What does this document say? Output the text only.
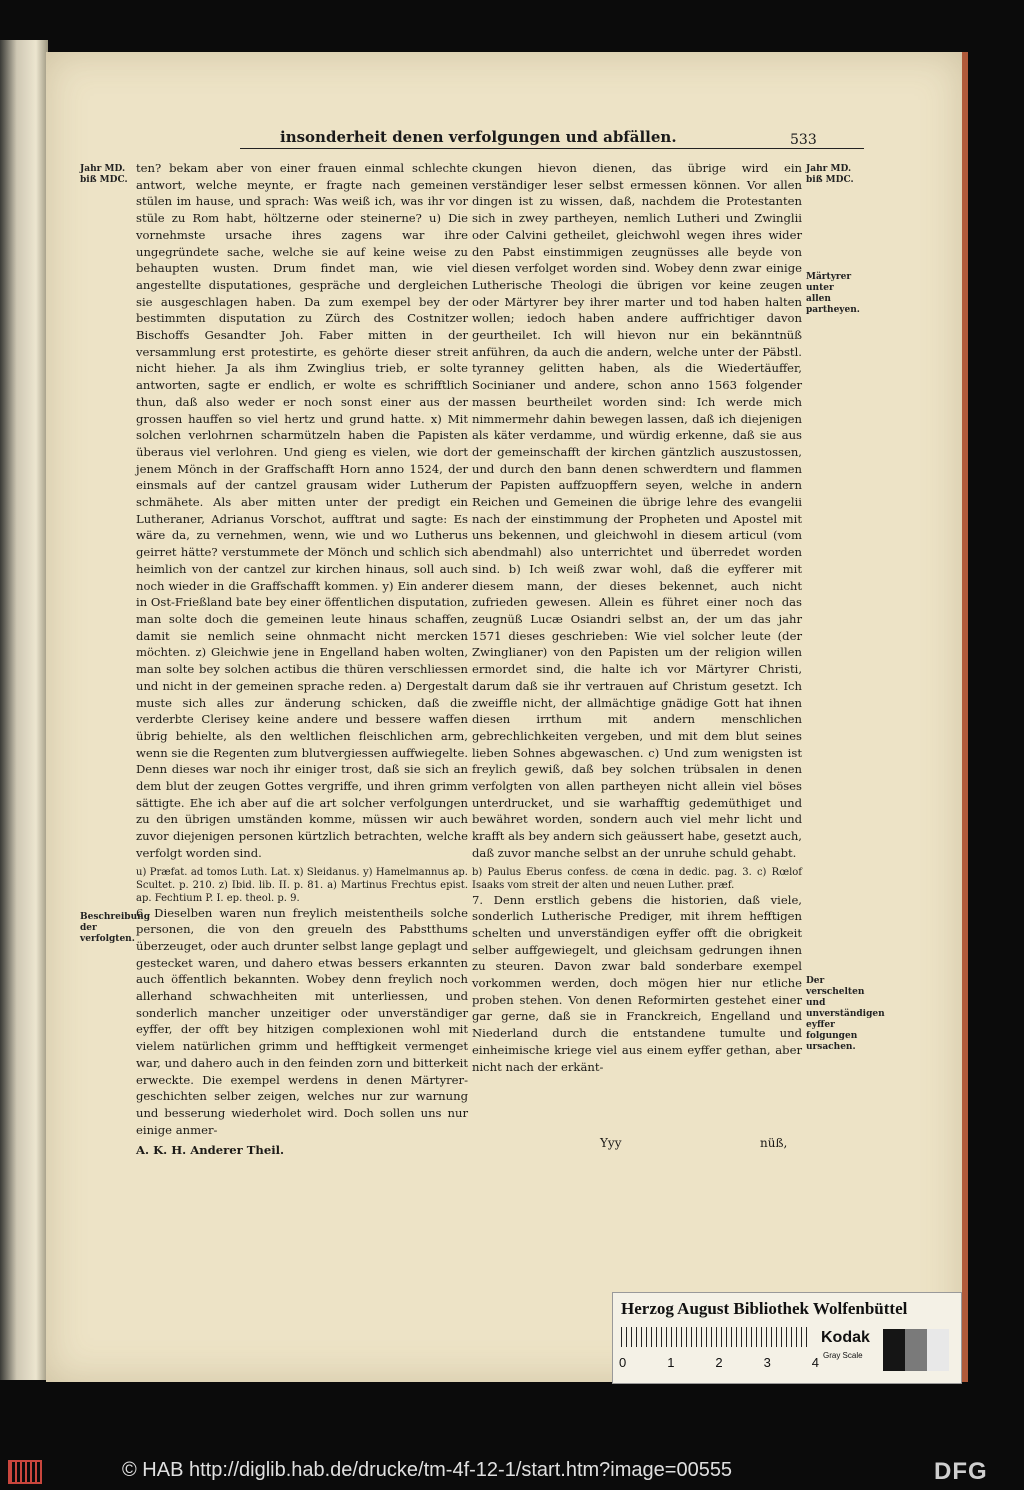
insonderheit denen verfolgungen und abfällen.	533
Jahr MD. biß MDC.
Jahr MD. biß MDC.
Märtyrer unter allen partheyen.
Beschreibung der verfolgten.
Der verschelten und unverständigen eyffer folgungen ursachen.

ten? bekam aber von einer frauen einmal schlechte antwort, welche meynte, er fragte nach gemeinen stülen im hause, und sprach: Was weiß ich, was ihr vor stüle zu Rom habt, höltzerne oder steinerne? u) Die vornehmste ursache ihres zagens war ihre ungegründete sache, welche sie auf keine weise zu behaupten wusten. Drum findet man, wie viel angestellte disputationes, gespräche und dergleichen sie ausgeschlagen haben. Da zum exempel bey der bestimmten disputation zu Zürch des Costnitzer Bischoffs Gesandter Joh. Faber mitten in der versammlung erst protestirte, es gehörte dieser streit nicht hieher. Ja als ihm Zwinglius trieb, er solte antworten, sagte er endlich, er wolte es schrifftlich thun, daß also weder er noch sonst einer aus der grossen hauffen so viel hertz und grund hatte. x) Mit solchen verlohrnen scharmützeln haben die Papisten überaus viel verlohren. Und gieng es vielen, wie dort jenem Mönch in der Graffschafft Horn anno 1524, der einsmals auf der cantzel grausam wider Lutherum schmähete. Als aber mitten unter der predigt ein Lutheraner, Adrianus Vorschot, aufftrat und sagte: Es wäre da, zu vernehmen, wenn, wie und wo Lutherus geirret hätte? verstummete der Mönch und schlich sich heimlich von der cantzel zur kirchen hinaus, soll auch noch wieder in die Graffschafft kommen. y) Ein anderer in Ost-Frießland bate bey einer öffentlichen disputation, man solte doch die gemeinen leute hinaus schaffen, damit sie nemlich seine ohnmacht nicht mercken möchten. z) Gleichwie jene in Engelland haben wolten, man solte bey solchen actibus die thüren verschliessen und nicht in der gemeinen sprache reden. a) Dergestalt muste sich alles zur änderung schicken, daß die verderbte Clerisey keine andere und bessere waffen übrig behielte, als den weltlichen fleischlichen arm, wenn sie die Regenten zum blutvergiessen auffwiegelte. Denn dieses war noch ihr einiger trost, daß sie sich an dem blut der zeugen Gottes vergriffe, und ihren grimm sättigte. Ehe ich aber auf die art solcher verfolgungen zu den übrigen umständen komme, müssen wir auch zuvor diejenigen personen kürtzlich betrachten, welche verfolgt worden sind.

u) Præfat. ad tomos Luth. Lat. x) Sleidanus. y) Hamelmannus ap. Scultet. p. 210. z) Ibid. lib. II. p. 81. a) Martinus Frechtus epist. ap. Fechtium P. I. ep. theol. p. 9.

6. Dieselben waren nun freylich meistentheils solche personen, die von den greueln des Pabstthums überzeuget, oder auch drunter selbst lange geplagt und gestecket waren, und dahero etwas bessers erkannten auch öffentlich bekannten. Wobey denn freylich noch allerhand schwachheiten mit unterliessen, und sonderlich mancher unzeitiger oder unverständiger eyffer, der offt bey hitzigen complexionen wohl mit vielem natürlichen grimm und hefftigkeit vermenget war, und dahero auch in den feinden zorn und bitterkeit erweckte. Die exempel werdens in denen Märtyrer-geschichten selber zeigen, welches nur zur warnung und besserung wiederholet wird. Doch sollen uns nur einige anmer-

A. K. H. Anderer Theil.

ckungen hievon dienen, das übrige wird ein verständiger leser selbst ermessen können. Vor allen dingen ist zu wissen, daß, nachdem die Protestanten sich in zwey partheyen, nemlich Lutheri und Zwinglii oder Calvini getheilet, gleichwohl wegen ihres wider den Pabst einstimmigen zeugnüsses alle beyde von diesen verfolget worden sind. Wobey denn zwar einige Lutherische Theologi die übrigen vor keine zeugen oder Märtyrer bey ihrer marter und tod haben halten wollen; iedoch haben andere auffrichtiger davon geurtheilet. Ich will hievon nur ein bekänntnüß anführen, da auch die andern, welche unter der Päbstl. tyranney gelitten haben, als die Wiedertäuffer, Socinianer und andere, schon anno 1563 folgender massen beurtheilet worden sind: Ich werde mich nimmermehr dahin bewegen lassen, daß ich diejenigen als käter verdamme, und würdig erkenne, daß sie aus der gemeinschafft der kirchen gäntzlich auszustossen, und durch den bann denen schwerdtern und flammen der Papisten auffzuopffern seyen, welche in andern Reichen und Gemeinen die übrige lehre des evangelii nach der einstimmung der Propheten und Apostel mit uns bekennen, und gleichwohl in diesem articul (vom abendmahl) also unterrichtet und überredet worden sind. b) Ich weiß zwar wohl, daß die eyfferer mit diesem mann, der dieses bekennet, auch nicht zufrieden gewesen. Allein es führet einer noch das zeugnüß Lucæ Osiandri selbst an, der um das jahr 1571 dieses geschrieben: Wie viel solcher leute (der Zwinglianer) von den Papisten um der religion willen ermordet sind, die halte ich vor Märtyrer Christi, darum daß sie ihr vertrauen auf Christum gesetzt. Ich zweiffle nicht, der allmächtige gnädige Gott hat ihnen diesen irrthum mit andern menschlichen gebrechlichkeiten vergeben, und mit dem blut seines lieben Sohnes abgewaschen. c) Und zum wenigsten ist freylich gewiß, daß bey solchen trübsalen in denen verfolgten von allen partheyen nicht allein viel böses unterdrucket, und sie warhafftig gedemüthiget und bewähret worden, sondern auch viel mehr licht und krafft als bey andern sich geäussert habe, gesetzt auch, daß zuvor manche selbst an der unruhe schuld gehabt.

b) Paulus Eberus confess. de cœna in dedic. pag. 3. c) Rœlof Isaaks vom streit der alten und neuen Luther. præf.

7. Denn erstlich gebens die historien, daß viele, sonderlich Lutherische Prediger, mit ihrem hefftigen schelten und unverständigen eyffer offt die obrigkeit selber auffgewiegelt, und gleichsam gedrungen ihnen zu steuren. Davon zwar bald sonderbare exempel vorkommen werden, doch mögen hier nur etliche proben stehen. Von denen Reformirten gestehet einer gar gerne, daß sie in Franckreich, Engelland und Niederland durch die entstandene tumulte und einheimische kriege viel aus einem eyffer gethan, aber nicht nach der erkänt-

Yyy	nüß,
Herzog August Bibliothek Wolfenbüttel
0	1	2	3	4
Kodak
Gray Scale
© HAB http://diglib.hab.de/drucke/tm-4f-12-1/start.htm?image=00555	DFG
